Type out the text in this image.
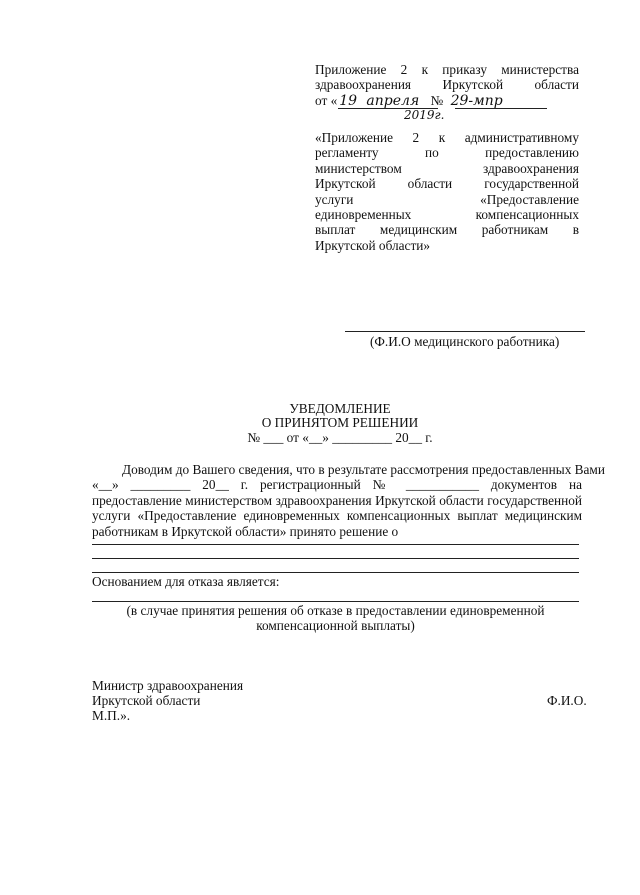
Приложение 2 к приказу министерства
здравоохранения Иркутской области
от « 19 апреля № 29-мпр
2019г.
«Приложение 2 к административному
регламенту по предоставлению
министерством здравоохранения
Иркутской области государственной
услуги «Предоставление
единовременных компенсационных
выплат медицинским работникам в
Иркутской области»
(Ф.И.О медицинского работника)
УВЕДОМЛЕНИЕ
О ПРИНЯТОМ РЕШЕНИИ
№ ___ от «__» _________ 20__ г.
Доводим до Вашего сведения, что в результате рассмотрения предоставленных Вами
«__» _________ 20__ г. регистрационный № ___________ документов на
предоставление министерством здравоохранения Иркутской области государственной
услуги «Предоставление единовременных компенсационных выплат медицинским
работникам в Иркутской области» принято решение о
Основанием для отказа является:
(в случае принятия решения об отказе в предоставлении единовременной
компенсационной выплаты)
Министр здравоохранения
Иркутской области
М.П.».
Ф.И.О.
